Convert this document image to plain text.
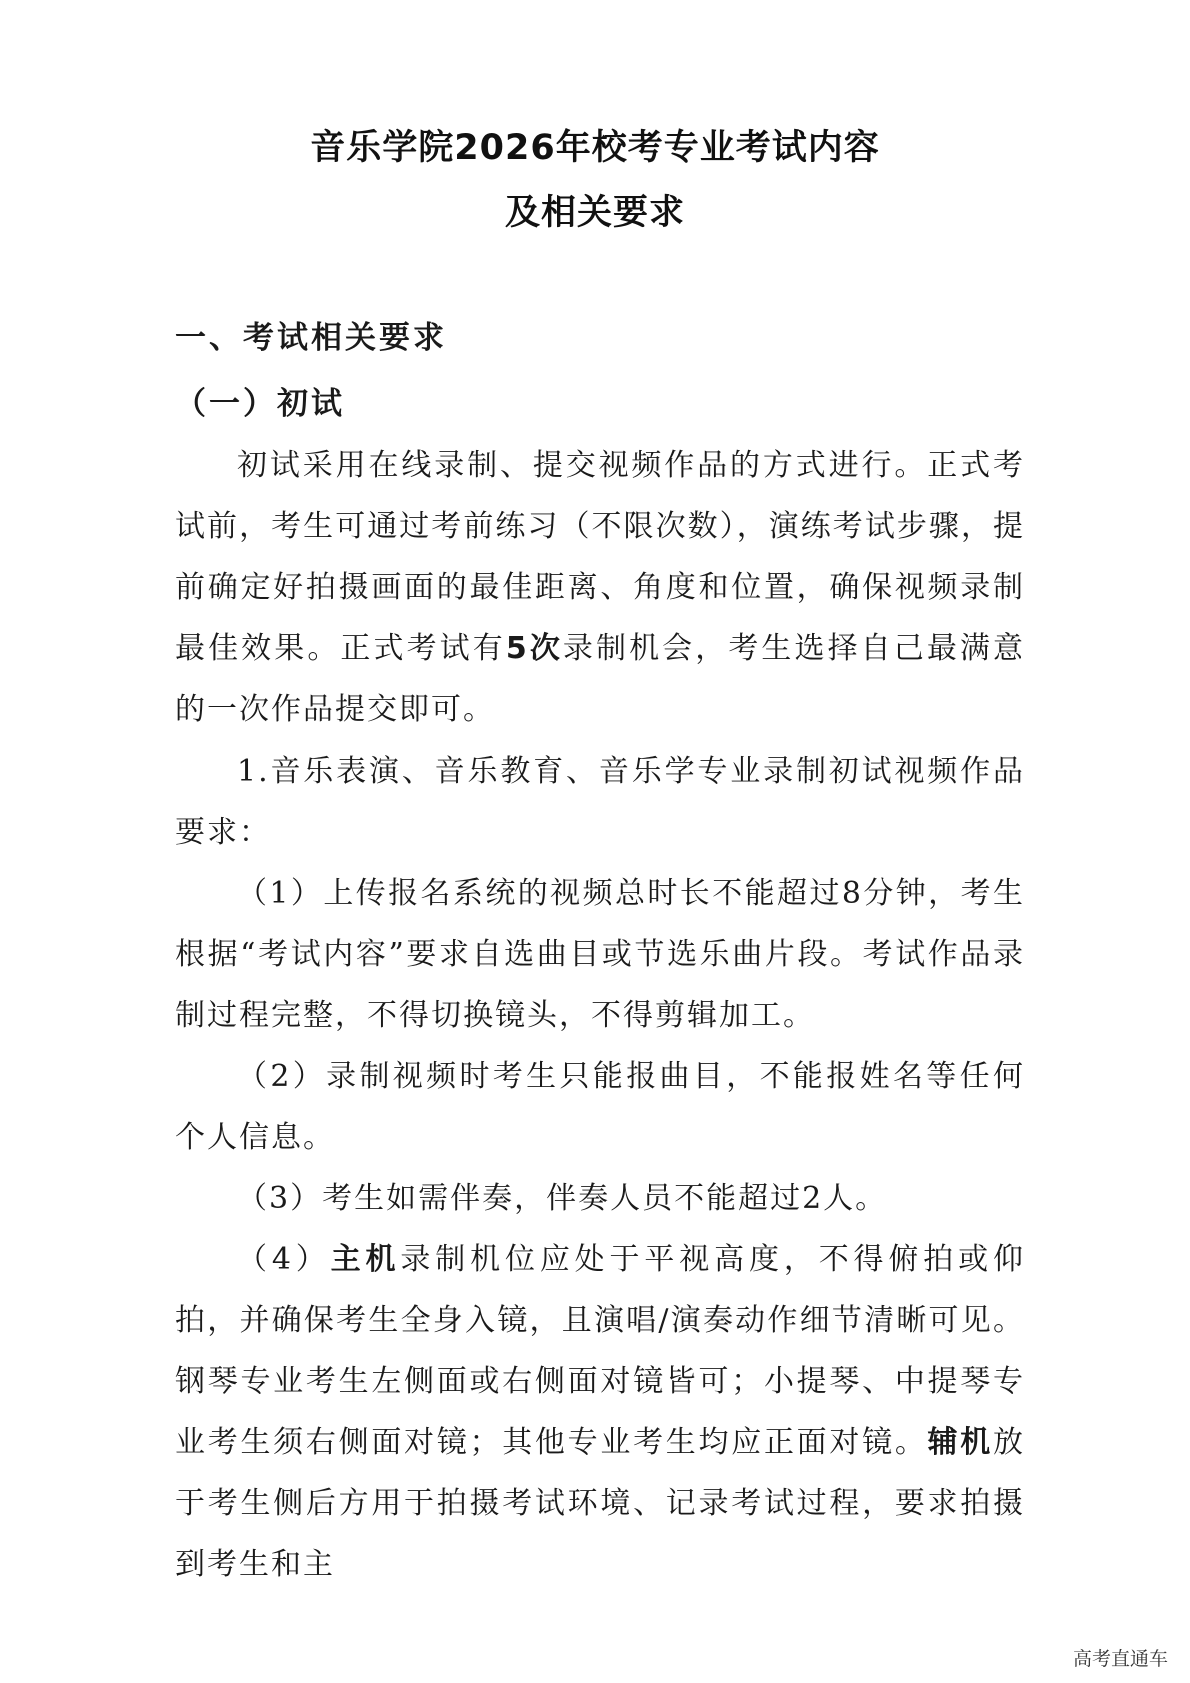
音乐学院2026年校考专业考试内容
及相关要求
一、考试相关要求
（一）初试
初试采用在线录制、提交视频作品的方式进行。正式考试前，考生可通过考前练习（不限次数），演练考试步骤，提前确定好拍摄画面的最佳距离、角度和位置，确保视频录制最佳效果。正式考试有5次录制机会，考生选择自己最满意的一次作品提交即可。
1.音乐表演、音乐教育、音乐学专业录制初试视频作品要求：
（1）上传报名系统的视频总时长不能超过8分钟，考生根据“考试内容”要求自选曲目或节选乐曲片段。考试作品录制过程完整，不得切换镜头，不得剪辑加工。
（2）录制视频时考生只能报曲目，不能报姓名等任何个人信息。
（3）考生如需伴奏，伴奏人员不能超过2人。
（4）主机录制机位应处于平视高度，不得俯拍或仰拍，并确保考生全身入镜，且演唱/演奏动作细节清晰可见。钢琴专业考生左侧面或右侧面对镜皆可；小提琴、中提琴专业考生须右侧面对镜；其他专业考生均应正面对镜。辅机放于考生侧后方用于拍摄考试环境、记录考试过程，要求拍摄到考生和主
高考直通车
